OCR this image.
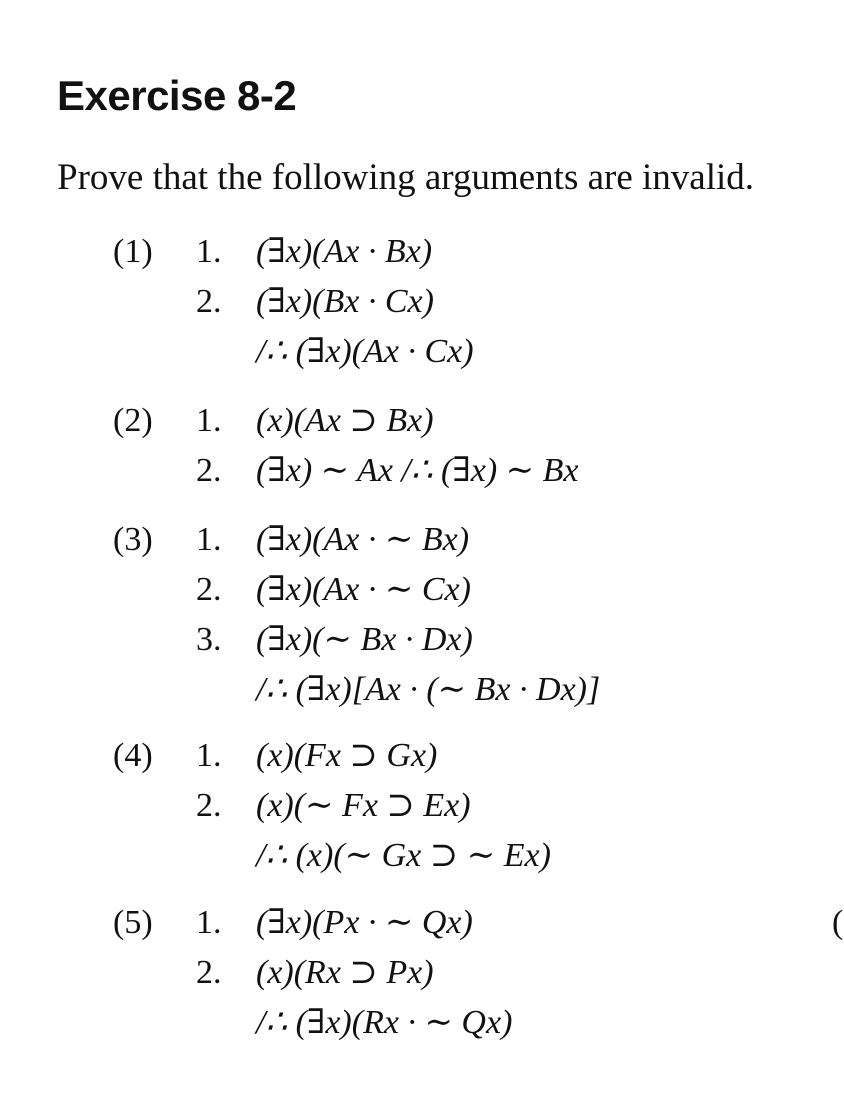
Exercise 8-2

Prove that the following arguments are invalid.

(1) 1. (∃x)(Ax · Bx)
2. (∃x)(Bx · Cx)
/∴ (∃x)(Ax · Cx)
(2) 1. (x)(Ax ⊃ Bx)
2. (∃x) ∼ Ax /∴ (∃x) ∼ Bx
(3) 1. (∃x)(Ax · ∼ Bx)
2. (∃x)(Ax · ∼ Cx)
3. (∃x)(∼ Bx · Dx)
/∴ (∃x)[Ax · (∼ Bx · Dx)]
(4) 1. (x)(Fx ⊃ Gx)
2. (x)(∼ Fx ⊃ Ex)
/∴ (x)(∼ Gx ⊃ ∼ Ex)
(5) 1. (∃x)(Px · ∼ Qx)
2. (x)(Rx ⊃ Px)
/∴ (∃x)(Rx · ∼ Qx)
(
